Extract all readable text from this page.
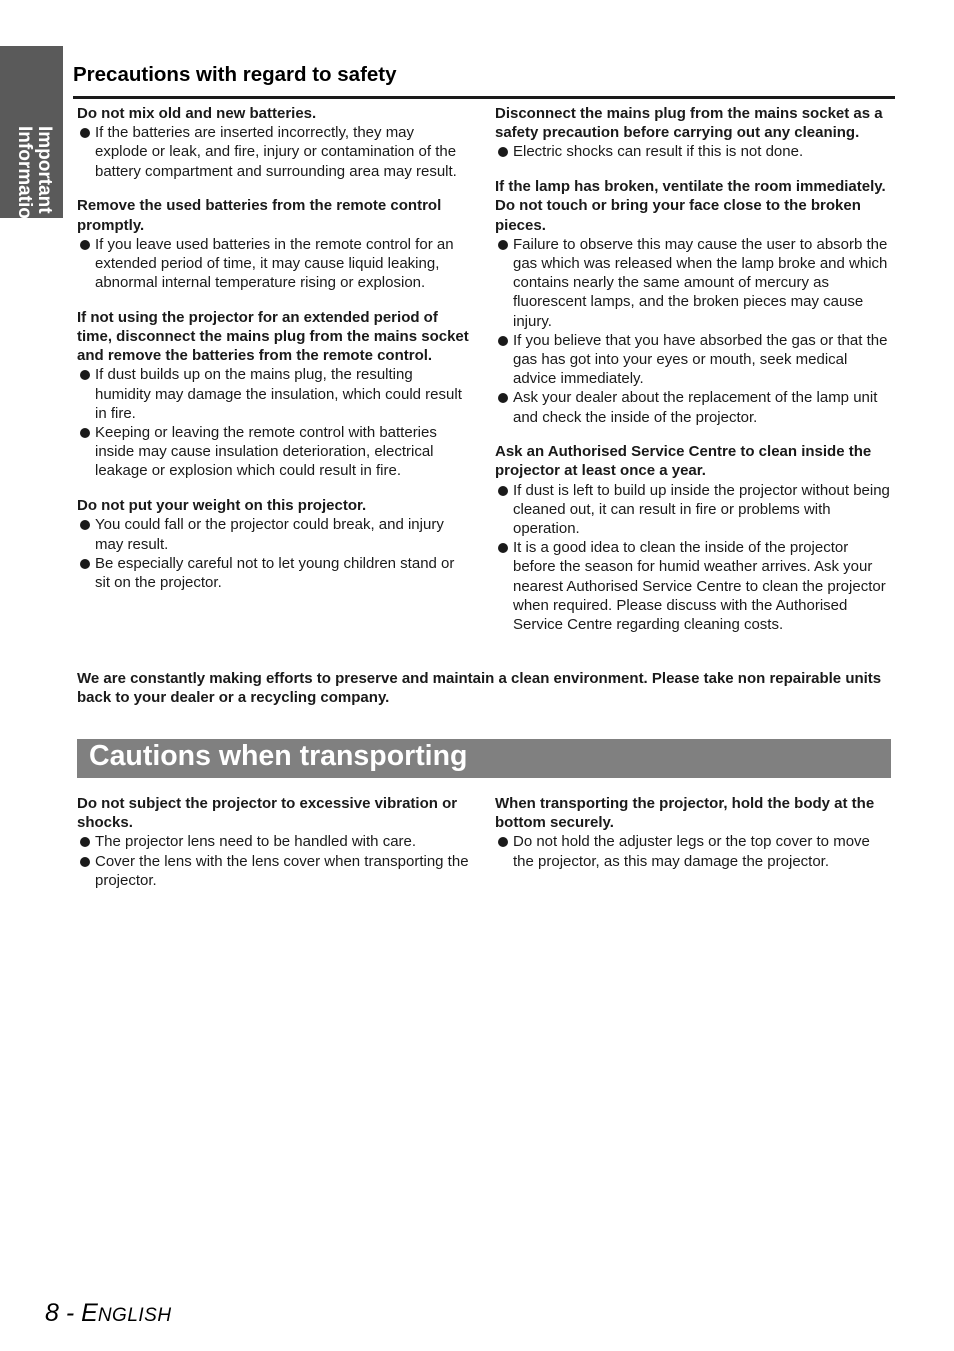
Important
Information
Precautions with regard to safety

Do not mix old and new batteries.

If the batteries are inserted incorrectly, they may explode or leak, and fire, injury or contamination of the battery compartment and surrounding area may result.

Remove the used batteries from the remote control promptly.

If you leave used batteries in the remote control for an extended period of time, it may cause liquid leaking, abnormal internal temperature rising or explosion.

If not using the projector for an extended period of time, disconnect the mains plug from the mains socket and remove the batteries from the remote control.

If dust builds up on the mains plug, the resulting humidity may damage the insulation, which could result in fire.
Keeping or leaving the remote control with batteries inside may cause insulation deterioration, electrical leakage or explosion which could result in fire.

Do not put your weight on this projector.

You could fall or the projector could break, and injury may result.
Be especially careful not to let young children stand or sit on the projector.

Disconnect the mains plug from the mains socket as a safety precaution before carrying out any cleaning.

Electric shocks can result if this is not done.

If the lamp has broken, ventilate the room immediately. Do not touch or bring your face close to the broken pieces.

Failure to observe this may cause the user to absorb the gas which was released when the lamp broke and which contains nearly the same amount of mercury as fluorescent lamps, and the broken pieces may cause injury.
If you believe that you have absorbed the gas or that the gas has got into your eyes or mouth, seek medical advice immediately.
Ask your dealer about the replacement of the lamp unit and check the inside of the projector.

Ask an Authorised Service Centre to clean inside the projector at least once a year.

If dust is left to build up inside the projector without being cleaned out, it can result in fire or problems with operation.
It is a good idea to clean the inside of the projector before the season for humid weather arrives. Ask your nearest Authorised Service Centre to clean the projector when required. Please discuss with the Authorised Service Centre regarding cleaning costs.

We are constantly making efforts to preserve and maintain a clean environment. Please take non repairable units back to your dealer or a recycling company.

Cautions when transporting

Do not subject the projector to excessive vibration or shocks.

The projector lens need to be handled with care.
Cover the lens with the lens cover when transporting the projector.

When transporting the projector, hold the body at the bottom securely.

Do not hold the adjuster legs or the top cover to move the projector, as this may damage the projector.
8 - ENGLISH
